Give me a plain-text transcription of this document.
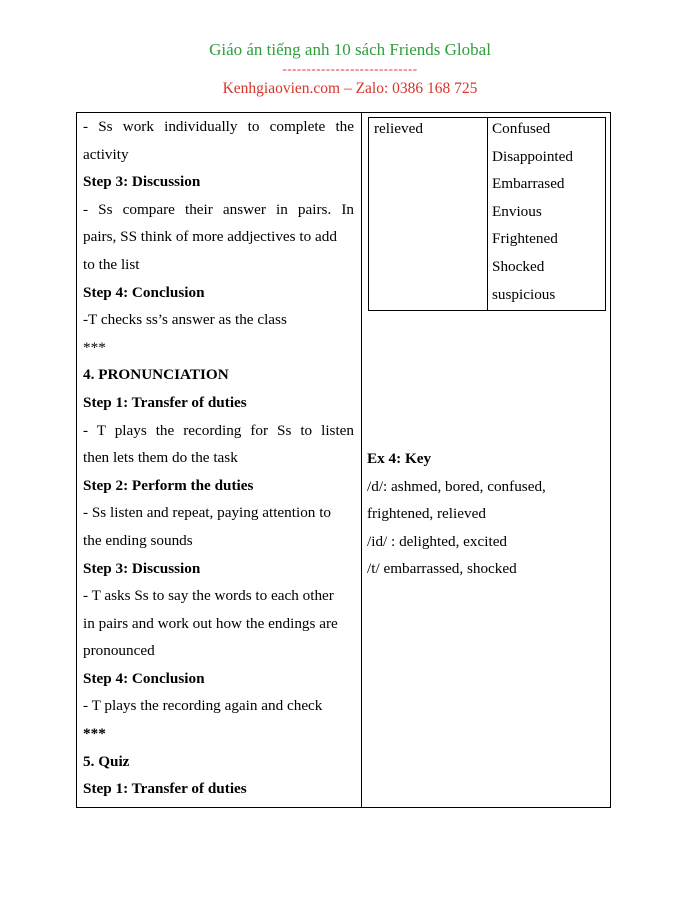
Giáo án tiếng anh 10 sách Friends Global
----------------------------
Kenhgiaovien.com – Zalo: 0386 168 725
- Ss work individually to complete the
activity
Step 3: Discussion
- Ss compare their answer in pairs. In
pairs, SS think of more addjectives to add
to the list
Step 4: Conclusion
-T checks ss’s answer as the class
***
4. PRONUNCIATION
Step 1: Transfer of duties
- T plays the recording for Ss to listen
then lets them do the task
Step 2: Perform the duties
- Ss listen and repeat, paying attention to
the ending sounds
Step 3: Discussion
- T asks Ss to say the words to each other
in pairs and work out how the endings are
pronounced
Step 4: Conclusion
- T plays the recording again and check
***
5. Quiz
Step 1: Transfer of duties
relieved	Confused
Disappointed
Embarrased
Envious
Frightened
Shocked
suspicious
Ex 4: Key
/d/: ashmed, bored, confused,
frightened, relieved
/id/ : delighted, excited
/t/ embarrassed, shocked
